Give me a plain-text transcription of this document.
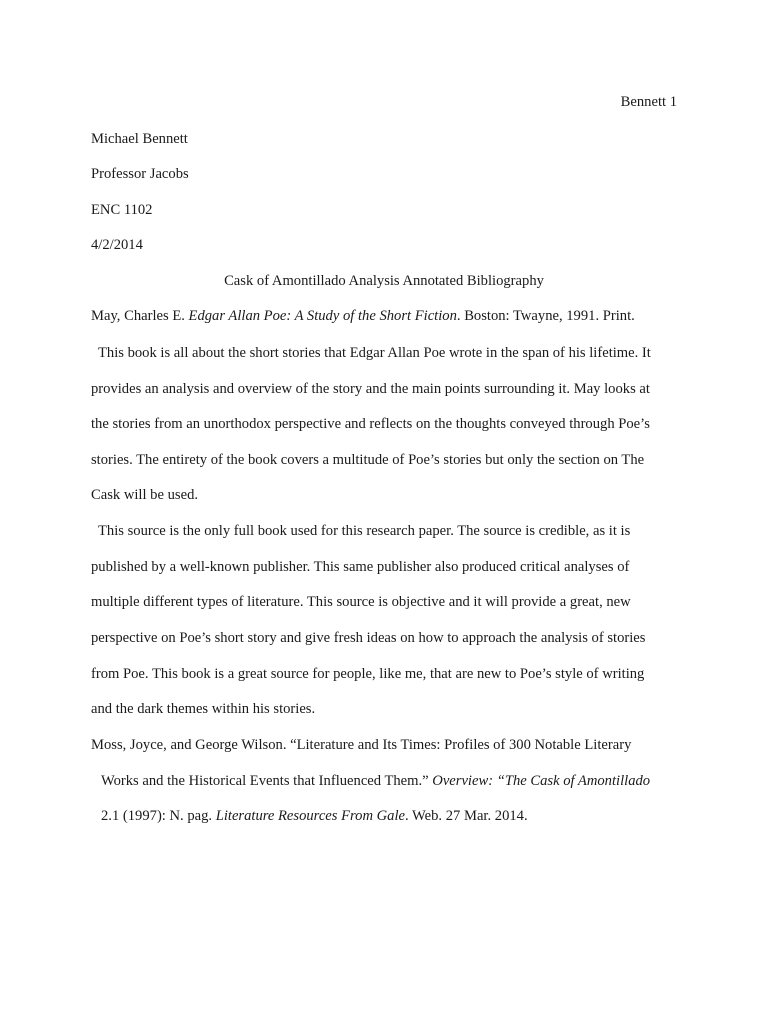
Bennett 1
Michael Bennett
Professor Jacobs
ENC 1102
4/2/2014
Cask of Amontillado Analysis Annotated Bibliography
May, Charles E. Edgar Allan Poe: A Study of the Short Fiction. Boston: Twayne, 1991. Print.
This book is all about the short stories that Edgar Allan Poe wrote in the span of his lifetime. It
provides an analysis and overview of the story and the main points surrounding it. May looks at
the stories from an unorthodox perspective and reflects on the thoughts conveyed through Poe’s
stories. The entirety of the book covers a multitude of Poe’s stories but only the section on The
Cask will be used.
This source is the only full book used for this research paper. The source is credible, as it is
published by a well-known publisher. This same publisher also produced critical analyses of
multiple different types of literature. This source is objective and it will provide a great, new
perspective on Poe’s short story and give fresh ideas on how to approach the analysis of stories
from Poe. This book is a great source for people, like me, that are new to Poe’s style of writing
and the dark themes within his stories.
Moss, Joyce, and George Wilson. “Literature and Its Times: Profiles of 300 Notable Literary
Works and the Historical Events that Influenced Them.” Overview: “The Cask of Amontillado
2.1 (1997): N. pag. Literature Resources From Gale. Web. 27 Mar. 2014.
